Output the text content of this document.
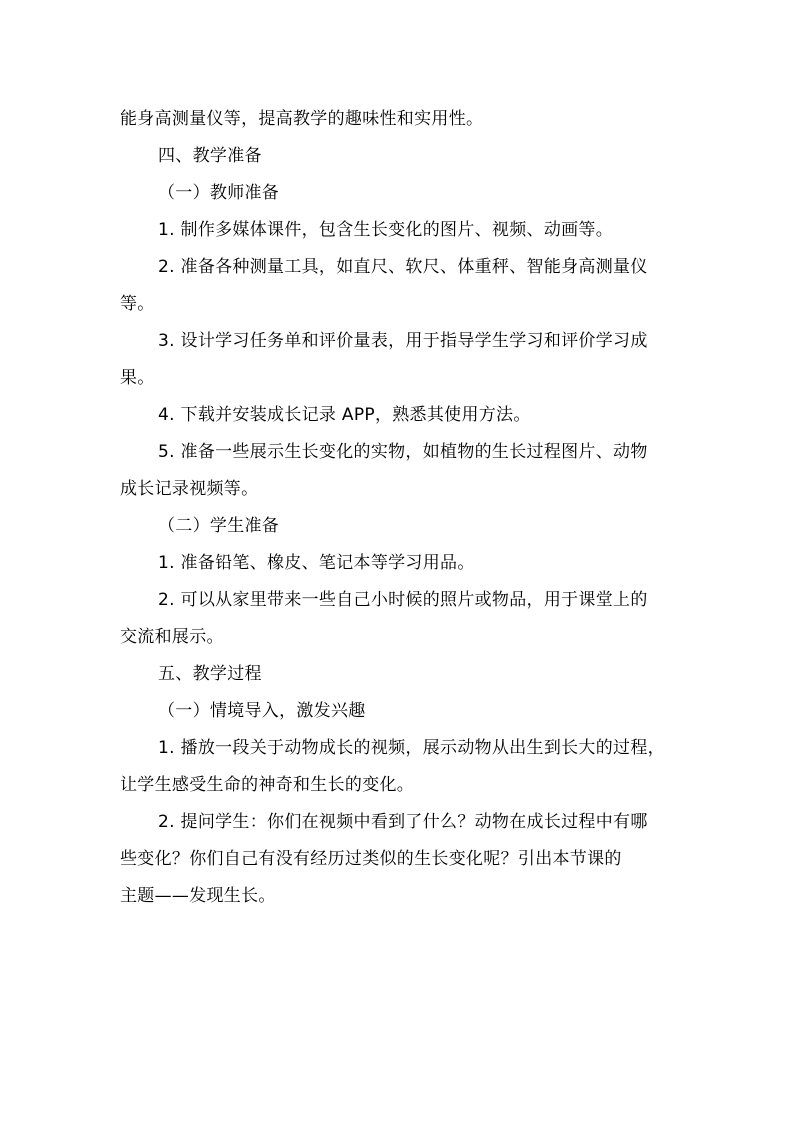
能身高测量仪等，提高教学的趣味性和实用性。
四、教学准备
（一）教师准备
1. 制作多媒体课件，包含生长变化的图片、视频、动画等。
2. 准备各种测量工具，如直尺、软尺、体重秤、智能身高测量仪
等。
3. 设计学习任务单和评价量表，用于指导学生学习和评价学习成
果。
4. 下载并安装成长记录 APP，熟悉其使用方法。
5. 准备一些展示生长变化的实物，如植物的生长过程图片、动物
成长记录视频等。
（二）学生准备
1. 准备铅笔、橡皮、笔记本等学习用品。
2. 可以从家里带来一些自己小时候的照片或物品，用于课堂上的
交流和展示。
五、教学过程
（一）情境导入，激发兴趣
1. 播放一段关于动物成长的视频，展示动物从出生到长大的过程，
让学生感受生命的神奇和生长的变化。
2. 提问学生：你们在视频中看到了什么？动物在成长过程中有哪
些变化？你们自己有没有经历过类似的生长变化呢？引出本节课的
主题——发现生长。
